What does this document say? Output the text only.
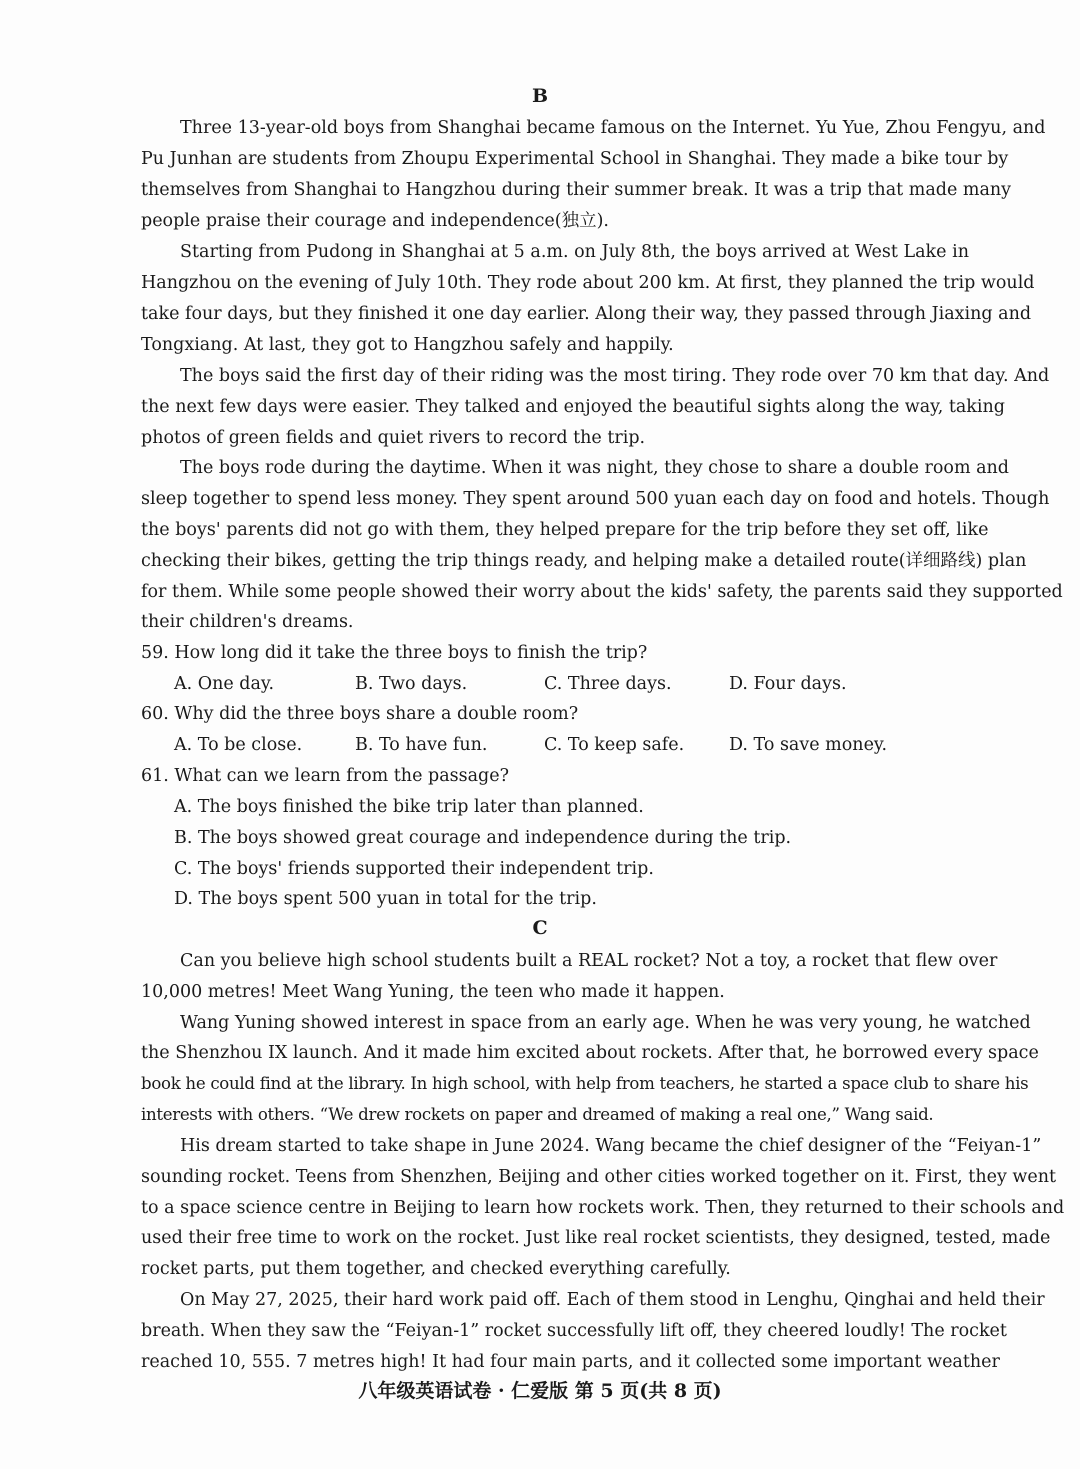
B
Three 13-year-old boys from Shanghai became famous on the Internet. Yu Yue, Zhou Fengyu, and
Pu Junhan are students from Zhoupu Experimental School in Shanghai. They made a bike tour by
themselves from Shanghai to Hangzhou during their summer break. It was a trip that made many
people praise their courage and independence(独立).
Starting from Pudong in Shanghai at 5 a.m. on July 8th, the boys arrived at West Lake in
Hangzhou on the evening of July 10th. They rode about 200 km. At first, they planned the trip would
take four days, but they finished it one day earlier. Along their way, they passed through Jiaxing and
Tongxiang. At last, they got to Hangzhou safely and happily.
The boys said the first day of their riding was the most tiring. They rode over 70 km that day. And
the next few days were easier. They talked and enjoyed the beautiful sights along the way, taking
photos of green fields and quiet rivers to record the trip.
The boys rode during the daytime. When it was night, they chose to share a double room and
sleep together to spend less money. They spent around 500 yuan each day on food and hotels. Though
the boys' parents did not go with them, they helped prepare for the trip before they set off, like
checking their bikes, getting the trip things ready, and helping make a detailed route(详细路线) plan
for them. While some people showed their worry about the kids' safety, the parents said they supported
their children's dreams.
59. How long did it take the three boys to finish the trip?
A. One day.	B. Two days.	C. Three days.	D. Four days.
60. Why did the three boys share a double room?
A. To be close.	B. To have fun.	C. To keep safe.	D. To save money.
61. What can we learn from the passage?
A. The boys finished the bike trip later than planned.
B. The boys showed great courage and independence during the trip.
C. The boys' friends supported their independent trip.
D. The boys spent 500 yuan in total for the trip.
C
Can you believe high school students built a REAL rocket? Not a toy, a rocket that flew over
10,000 metres! Meet Wang Yuning, the teen who made it happen.
Wang Yuning showed interest in space from an early age. When he was very young, he watched
the Shenzhou IX launch. And it made him excited about rockets. After that, he borrowed every space
book he could find at the library. In high school, with help from teachers, he started a space club to share his
interests with others. “We drew rockets on paper and dreamed of making a real one,” Wang said.
His dream started to take shape in June 2024. Wang became the chief designer of the “Feiyan-1”
sounding rocket. Teens from Shenzhen, Beijing and other cities worked together on it. First, they went
to a space science centre in Beijing to learn how rockets work. Then, they returned to their schools and
used their free time to work on the rocket. Just like real rocket scientists, they designed, tested, made
rocket parts, put them together, and checked everything carefully.
On May 27, 2025, their hard work paid off. Each of them stood in Lenghu, Qinghai and held their
breath. When they saw the “Feiyan-1” rocket successfully lift off, they cheered loudly! The rocket
reached 10, 555. 7 metres high! It had four main parts, and it collected some important weather
八年级英语试卷 · 仁爱版 第 5 页(共 8 页)
